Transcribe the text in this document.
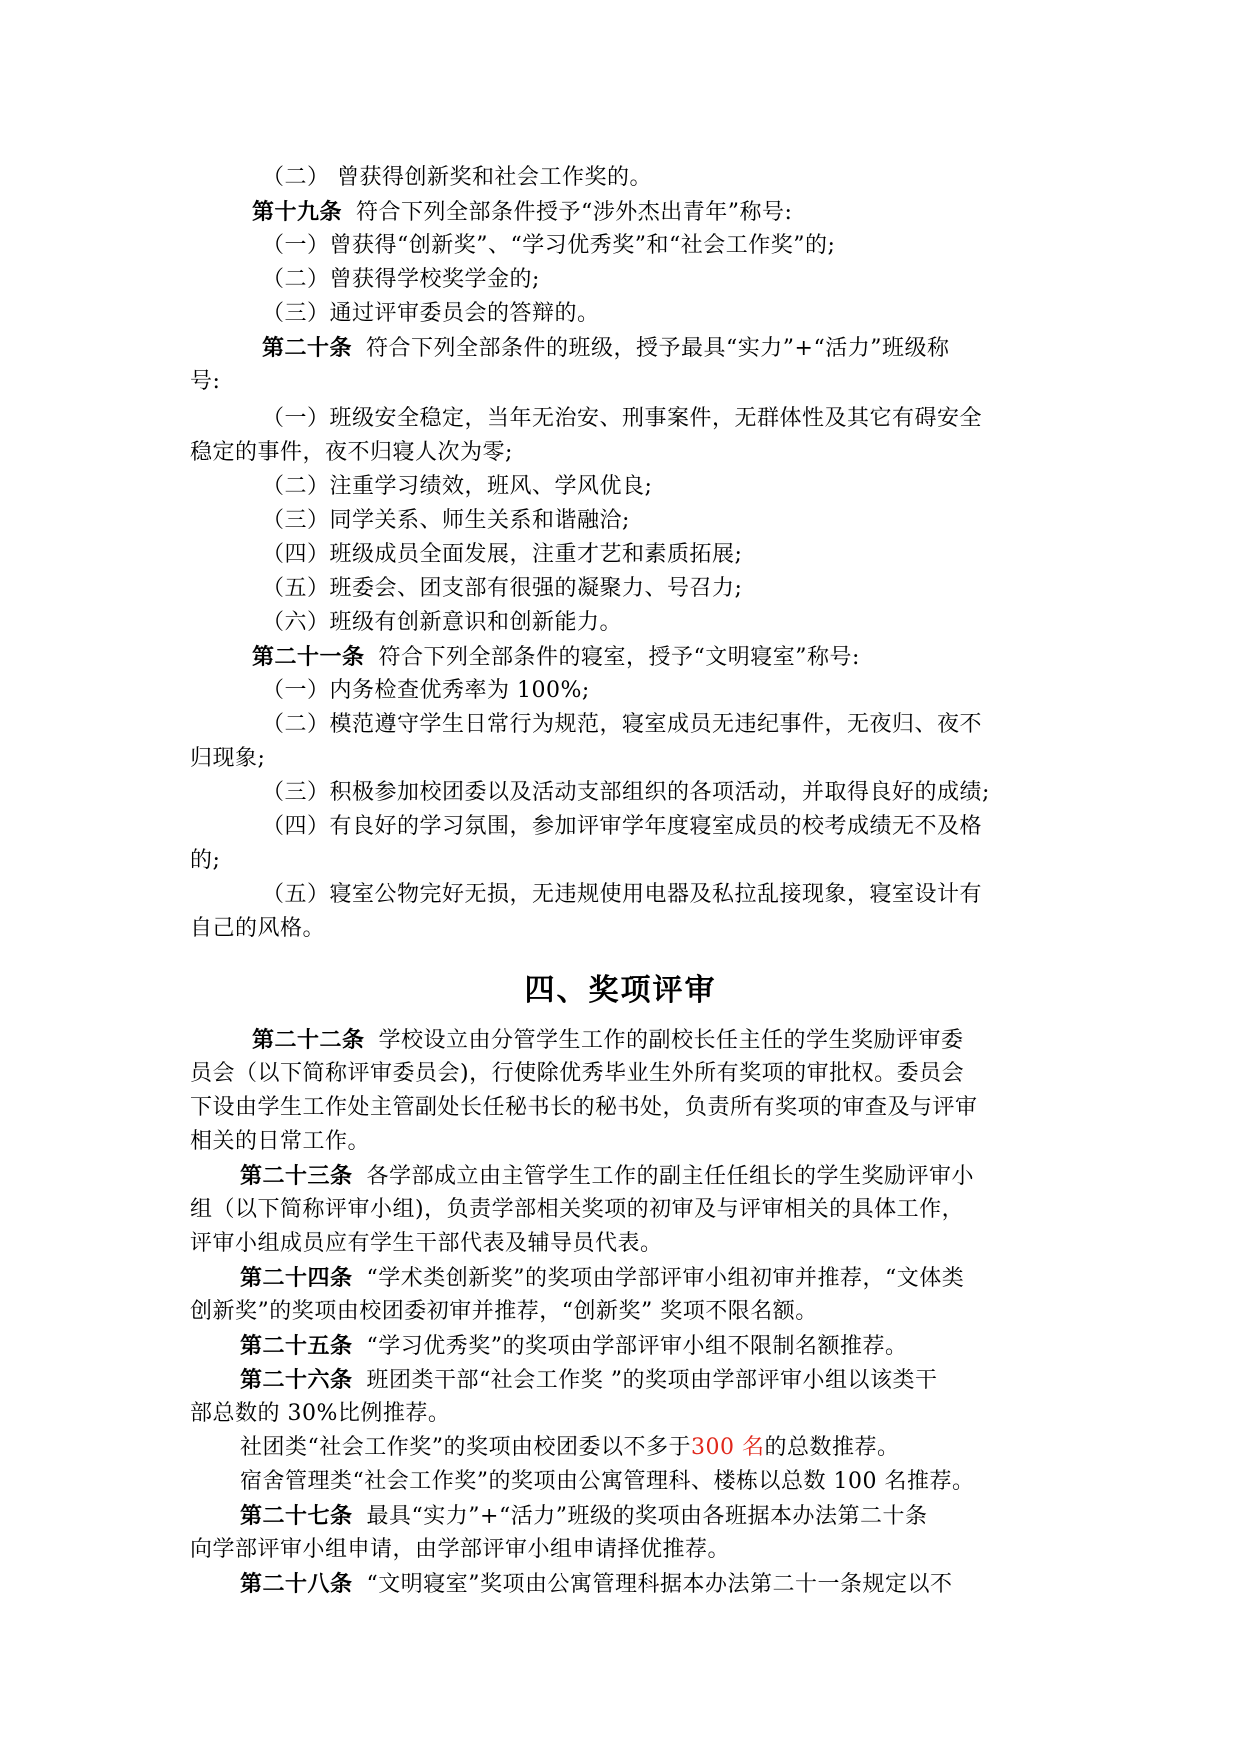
（二） 曾获得创新奖和社会工作奖的。
第十九条 符合下列全部条件授予“涉外杰出青年”称号:
（一）曾获得“创新奖”、“学习优秀奖”和“社会工作奖”的;
（二）曾获得学校奖学金的;
（三）通过评审委员会的答辩的。
第二十条 符合下列全部条件的班级，授予最具“实力”+“活力”班级称
号:
（一）班级安全稳定，当年无治安、刑事案件，无群体性及其它有碍安全
稳定的事件，夜不归寝人次为零;
（二）注重学习绩效，班风、学风优良;
（三）同学关系、师生关系和谐融洽;
（四）班级成员全面发展，注重才艺和素质拓展;
（五）班委会、团支部有很强的凝聚力、号召力;
（六）班级有创新意识和创新能力。
第二十一条 符合下列全部条件的寝室，授予“文明寝室”称号:
（一）内务检查优秀率为 100%;
（二）模范遵守学生日常行为规范，寝室成员无违纪事件，无夜归、夜不
归现象;
（三）积极参加校团委以及活动支部组织的各项活动，并取得良好的成绩;
（四）有良好的学习氛围，参加评审学年度寝室成员的校考成绩无不及格
的;
（五）寝室公物完好无损，无违规使用电器及私拉乱接现象，寝室设计有
自己的风格。
四、奖项评审
第二十二条 学校设立由分管学生工作的副校长任主任的学生奖励评审委
员会（以下简称评审委员会)，行使除优秀毕业生外所有奖项的审批权。委员会
下设由学生工作处主管副处长任秘书长的秘书处，负责所有奖项的审查及与评审
相关的日常工作。
第二十三条 各学部成立由主管学生工作的副主任任组长的学生奖励评审小
组（以下简称评审小组)，负责学部相关奖项的初审及与评审相关的具体工作，
评审小组成员应有学生干部代表及辅导员代表。
第二十四条 “学术类创新奖”的奖项由学部评审小组初审并推荐，“文体类
创新奖”的奖项由校团委初审并推荐，“创新奖” 奖项不限名额。
第二十五条 “学习优秀奖”的奖项由学部评审小组不限制名额推荐。
第二十六条 班团类干部“社会工作奖 ”的奖项由学部评审小组以该类干
部总数的 30%比例推荐。
社团类“社会工作奖”的奖项由校团委以不多于300 名的总数推荐。
宿舍管理类“社会工作奖”的奖项由公寓管理科、楼栋以总数 100 名推荐。
第二十七条 最具“实力”+“活力”班级的奖项由各班据本办法第二十条
向学部评审小组申请，由学部评审小组申请择优推荐。
第二十八条 “文明寝室”奖项由公寓管理科据本办法第二十一条规定以不
